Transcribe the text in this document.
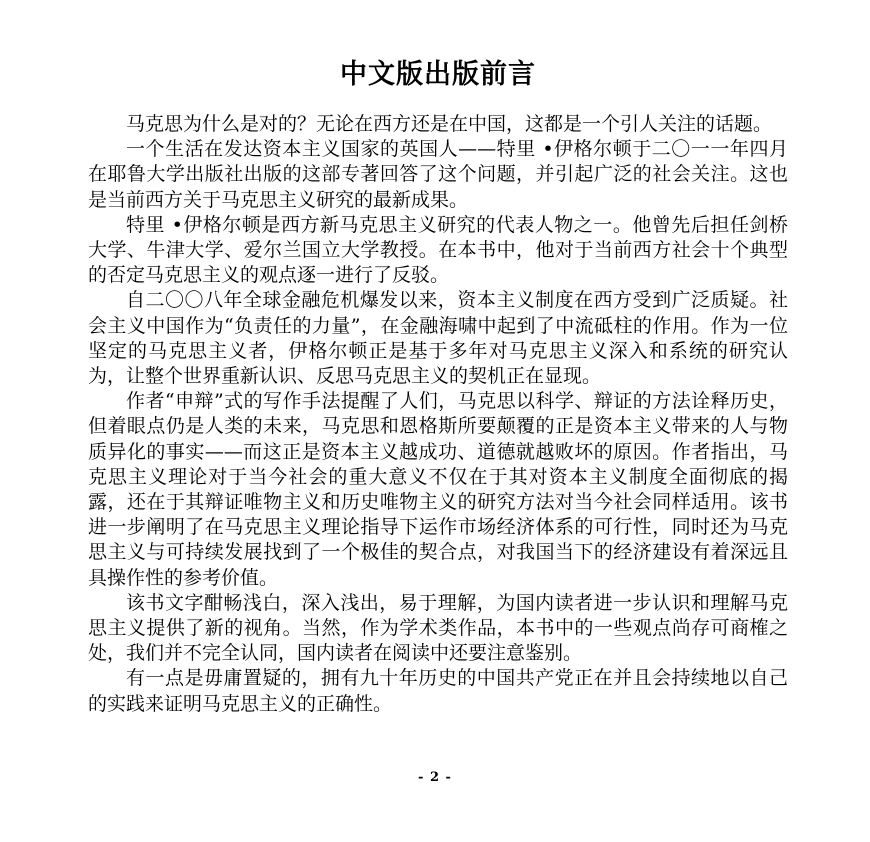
中文版出版前言

马克思为什么是对的？无论在西方还是在中国，这都是一个引人关注的话题。

一个生活在发达资本主义国家的英国人——特里 •伊格尔顿于二〇一一年四月在耶鲁大学出版社出版的这部专著回答了这个问题，并引起广泛的社会关注。这也是当前西方关于马克思主义研究的最新成果。

特里 •伊格尔顿是西方新马克思主义研究的代表人物之一。他曾先后担任剑桥大学、牛津大学、爱尔兰国立大学教授。在本书中，他对于当前西方社会十个典型的否定马克思主义的观点逐一进行了反驳。

自二〇〇八年全球金融危机爆发以来，资本主义制度在西方受到广泛质疑。社会主义中国作为“负责任的力量”，在金融海啸中起到了中流砥柱的作用。作为一位坚定的马克思主义者，伊格尔顿正是基于多年对马克思主义深入和系统的研究认为，让整个世界重新认识、反思马克思主义的契机正在显现。

作者“申辩”式的写作手法提醒了人们，马克思以科学、辩证的方法诠释历史，但着眼点仍是人类的未来，马克思和恩格斯所要颠覆的正是资本主义带来的人与物质异化的事实——而这正是资本主义越成功、道德就越败坏的原因。作者指出，马克思主义理论对于当今社会的重大意义不仅在于其对资本主义制度全面彻底的揭露，还在于其辩证唯物主义和历史唯物主义的研究方法对当今社会同样适用。该书进一步阐明了在马克思主义理论指导下运作市场经济体系的可行性，同时还为马克思主义与可持续发展找到了一个极佳的契合点，对我国当下的经济建设有着深远且具操作性的参考价值。

该书文字酣畅浅白，深入浅出，易于理解，为国内读者进一步认识和理解马克思主义提供了新的视角。当然，作为学术类作品，本书中的一些观点尚存可商榷之处，我们并不完全认同，国内读者在阅读中还要注意鉴别。

有一点是毋庸置疑的，拥有九十年历史的中国共产党正在并且会持续地以自己的实践来证明马克思主义的正确性。

- 2 -
